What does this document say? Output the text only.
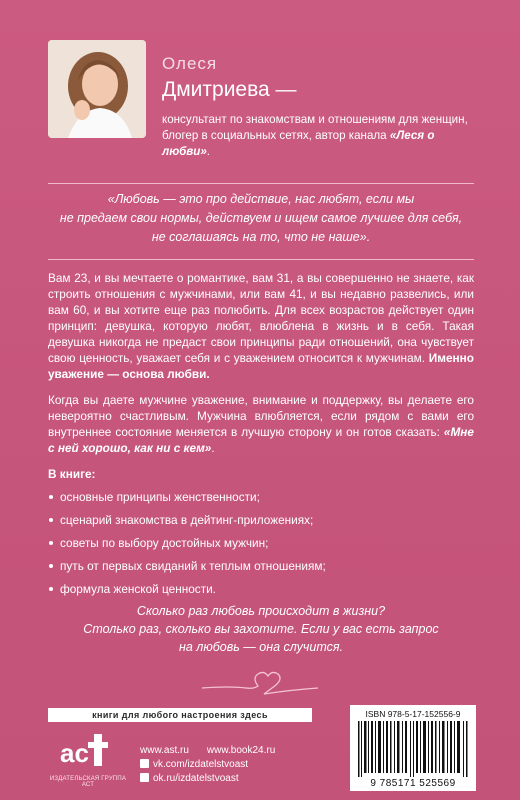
Олеся
Дмитриева —
консультант по знакомствам и отношениям для женщин, блогер в социальных сетях, автор канала «Леся о любви».
«Любовь — это про действие, нас любят, если мы
не предаем свои нормы, действуем и ищем самое лучшее для себя,
не соглашаясь на то, что не наше».

Вам 23, и вы мечтаете о романтике, вам 31, а вы совершенно не знаете, как строить отношения с мужчинами, или вам 41, и вы недавно развелись, или вам 60, и вы хотите еще раз полюбить. Для всех возрастов действует один принцип: девушка, которую любят, влюблена в жизнь и в себя. Такая девушка никогда не предаст свои принципы ради отношений, она чувствует свою ценность, уважает себя и с уважением относится к мужчинам. Именно уважение — основа любви.

Когда вы даете мужчине уважение, внимание и поддержку, вы делаете его невероятно счастливым. Мужчина влюбляется, если рядом с вами его внутреннее состояние меняется в лучшую сторону и он готов сказать: «Мне с ней хорошо, как ни с кем».

В книге:
основные принципы женственности;
сценарий знакомства в дейтинг-приложениях;
советы по выбору достойных мужчин;
путь от первых свиданий к теплым отношениям;
формула женской ценности.
Сколько раз любовь происходит в жизни?
Столько раз, сколько вы захотите. Если у вас есть запрос
на любовь — она случится.
книги для любого настроения здесь
ac
ИЗДАТЕЛЬСКАЯ ГРУППА АСТ
www.ast.ru www.book24.ru
vk.com/izdatelstvoast
ok.ru/izdatelstvoast
ISBN 978-5-17-152556-9
9 785171 525569
